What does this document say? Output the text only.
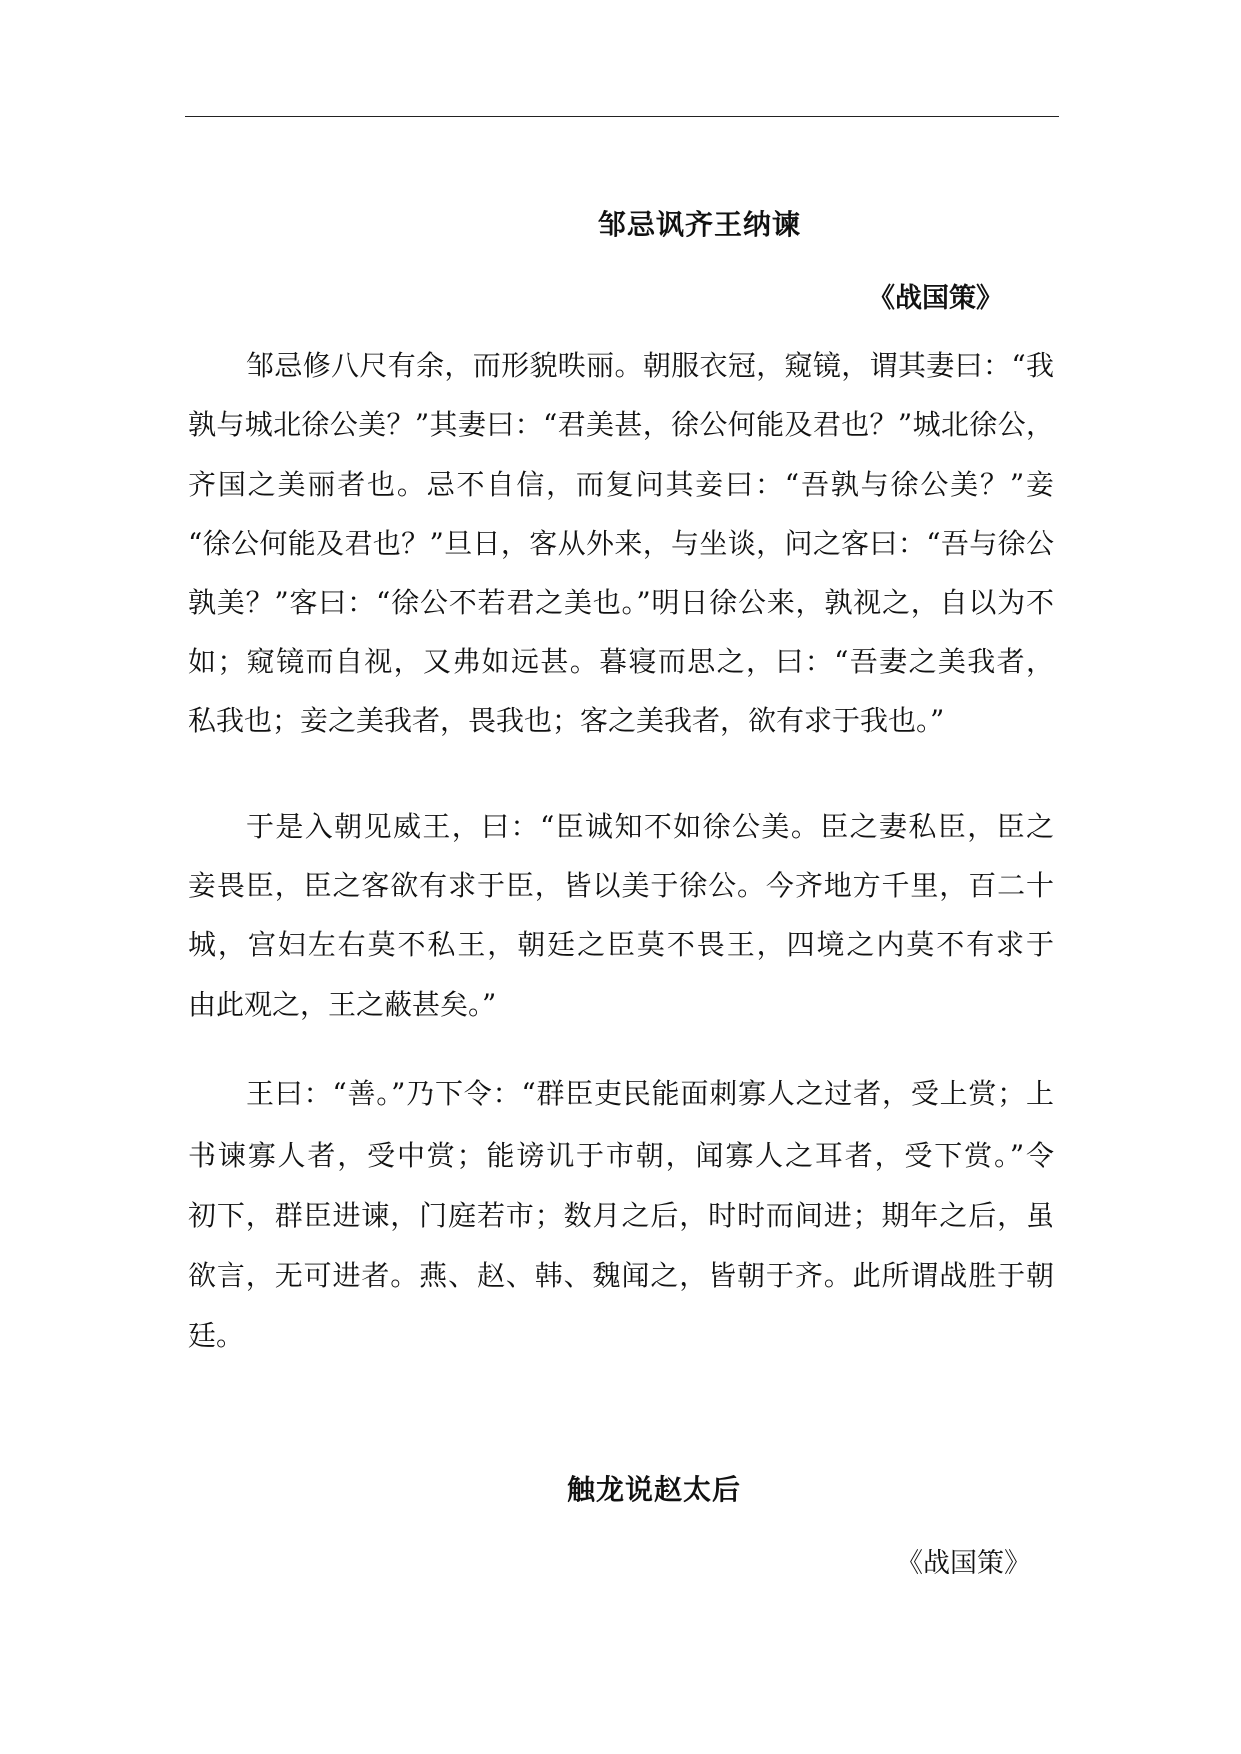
邹忌讽齐王纳谏
《战国策》
邹忌修八尺有余，而形貌昳丽。朝服衣冠，窥镜，谓其妻曰：“我
孰与城北徐公美？”其妻曰：“君美甚，徐公何能及君也？”城北徐公，
齐国之美丽者也。忌不自信，而复问其妾曰：“吾孰与徐公美？”妾
“徐公何能及君也？”旦日，客从外来，与坐谈，问之客曰：“吾与徐公
孰美？”客曰：“徐公不若君之美也。”明日徐公来，孰视之，自以为不
如；窥镜而自视，又弗如远甚。暮寝而思之，曰：“吾妻之美我者，
私我也；妾之美我者，畏我也；客之美我者，欲有求于我也。”
于是入朝见威王，曰：“臣诚知不如徐公美。臣之妻私臣，臣之
妾畏臣，臣之客欲有求于臣，皆以美于徐公。今齐地方千里，百二十
城，宫妇左右莫不私王，朝廷之臣莫不畏王，四境之内莫不有求于
由此观之，王之蔽甚矣。”
王曰：“善。”乃下令：“群臣吏民能面刺寡人之过者，受上赏；上
书谏寡人者，受中赏；能谤讥于市朝，闻寡人之耳者，受下赏。”令
初下，群臣进谏，门庭若市；数月之后，时时而间进；期年之后，虽
欲言，无可进者。燕、赵、韩、魏闻之，皆朝于齐。此所谓战胜于朝
廷。
触龙说赵太后
《战国策》
